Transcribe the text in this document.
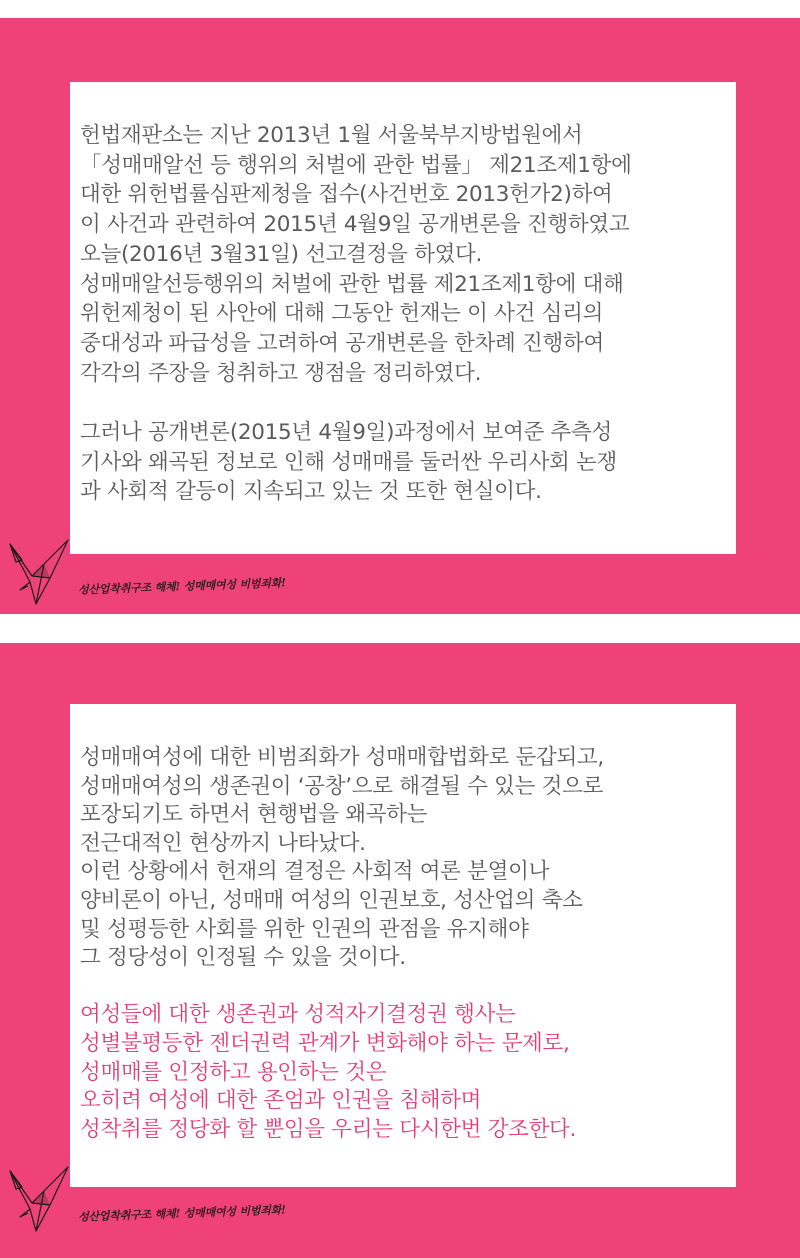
헌법재판소는 지난 2013년 1월 서울북부지방법원에서
「성매매알선 등 행위의 처벌에 관한 법률」 제21조제1항에
대한 위헌법률심판제청을 접수(사건번호 2013헌가2)하여
이 사건과 관련하여 2015년 4월9일 공개변론을 진행하였고
오늘(2016년 3월31일) 선고결정을 하였다.
성매매알선등행위의 처벌에 관한 법률 제21조제1항에 대해
위헌제청이 된 사안에 대해 그동안 헌재는 이 사건 심리의
중대성과 파급성을 고려하여 공개변론을 한차례 진행하여
각각의 주장을 청취하고 쟁점을 정리하였다.
그러나 공개변론(2015년 4월9일)과정에서 보여준 추측성
기사와 왜곡된 정보로 인해 성매매를 둘러싼 우리사회 논쟁
과 사회적 갈등이 지속되고 있는 것 또한 현실이다.
성산업착취구조 해체! 성매매여성 비범죄화!
성매매여성에 대한 비범죄화가 성매매합법화로 둔갑되고,
성매매여성의 생존권이 ‘공창’으로 해결될 수 있는 것으로
포장되기도 하면서 현행법을 왜곡하는
전근대적인 현상까지 나타났다.
이런 상황에서 헌재의 결정은 사회적 여론 분열이나
양비론이 아닌, 성매매 여성의 인권보호, 성산업의 축소
및 성평등한 사회를 위한 인권의 관점을 유지해야
그 정당성이 인정될 수 있을 것이다.
여성들에 대한 생존권과 성적자기결정권 행사는
성별불평등한 젠더권력 관계가 변화해야 하는 문제로,
성매매를 인정하고 용인하는 것은
오히려 여성에 대한 존엄과 인권을 침해하며
성착취를 정당화 할 뿐임을 우리는 다시한번 강조한다.
성산업착취구조 해체! 성매매여성 비범죄화!
